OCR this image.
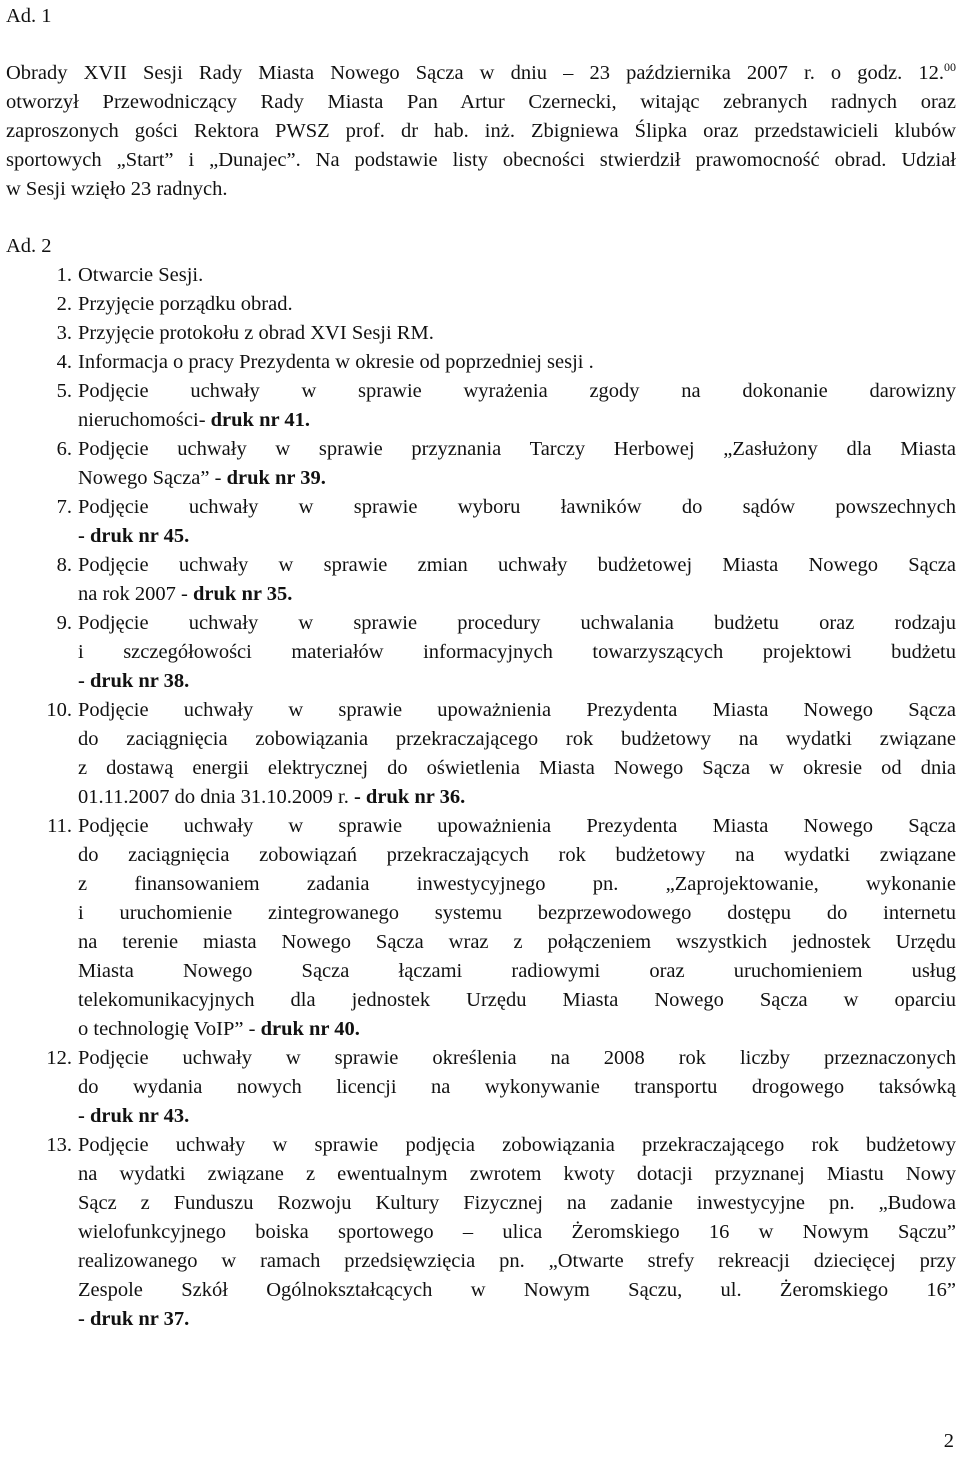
Ad. 1
Obrady XVII Sesji Rady Miasta Nowego Sącza w dniu – 23 października 2007 r. o godz. 12.00
otworzył Przewodniczący Rady Miasta Pan Artur Czernecki, witając zebranych radnych oraz
zaproszonych gości Rektora PWSZ prof. dr hab. inż. Zbigniewa Ślipka oraz przedstawicieli klubów
sportowych „Start” i „Dunajec”. Na podstawie listy obecności stwierdził prawomocność obrad. Udział
w Sesji wzięło 23 radnych.
Ad. 2
1. Otwarcie Sesji.
2. Przyjęcie porządku obrad.
3. Przyjęcie protokołu z obrad XVI Sesji RM.
4. Informacja o pracy Prezydenta w okresie od poprzedniej sesji .
5. Podjęcie uchwały w sprawie wyrażenia zgody na dokonanie darowizny
nieruchomości- druk nr 41.
6. Podjęcie uchwały w sprawie przyznania Tarczy Herbowej „Zasłużony dla Miasta
Nowego Sącza” - druk nr 39.
7. Podjęcie uchwały w sprawie wyboru ławników do sądów powszechnych
- druk nr 45.
8. Podjęcie uchwały w sprawie zmian uchwały budżetowej Miasta Nowego Sącza
na rok 2007 - druk nr 35.
9. Podjęcie uchwały w sprawie procedury uchwalania budżetu oraz rodzaju
i szczegółowości materiałów informacyjnych towarzyszących projektowi budżetu
- druk nr 38.
10. Podjęcie uchwały w sprawie upoważnienia Prezydenta Miasta Nowego Sącza
do zaciągnięcia zobowiązania przekraczającego rok budżetowy na wydatki związane
z dostawą energii elektrycznej do oświetlenia Miasta Nowego Sącza w okresie od dnia
01.11.2007 do dnia 31.10.2009 r. - druk nr 36.
11. Podjęcie uchwały w sprawie upoważnienia Prezydenta Miasta Nowego Sącza
do zaciągnięcia zobowiązań przekraczających rok budżetowy na wydatki związane
z finansowaniem zadania inwestycyjnego pn. „Zaprojektowanie, wykonanie
i uruchomienie zintegrowanego systemu bezprzewodowego dostępu do internetu
na terenie miasta Nowego Sącza wraz z połączeniem wszystkich jednostek Urzędu
Miasta Nowego Sącza łączami radiowymi oraz uruchomieniem usług
telekomunikacyjnych dla jednostek Urzędu Miasta Nowego Sącza w oparciu
o technologię VoIP” - druk nr 40.
12. Podjęcie uchwały w sprawie określenia na 2008 rok liczby przeznaczonych
do wydania nowych licencji na wykonywanie transportu drogowego taksówką
- druk nr 43.
13. Podjęcie uchwały w sprawie podjęcia zobowiązania przekraczającego rok budżetowy
na wydatki związane z ewentualnym zwrotem kwoty dotacji przyznanej Miastu Nowy
Sącz z Funduszu Rozwoju Kultury Fizycznej na zadanie inwestycyjne pn. „Budowa
wielofunkcyjnego boiska sportowego – ulica Żeromskiego 16 w Nowym Sączu”
realizowanego w ramach przedsięwzięcia pn. „Otwarte strefy rekreacji dziecięcej przy
Zespole Szkół Ogólnokształcących w Nowym Sączu, ul. Żeromskiego 16”
- druk nr 37.
2
